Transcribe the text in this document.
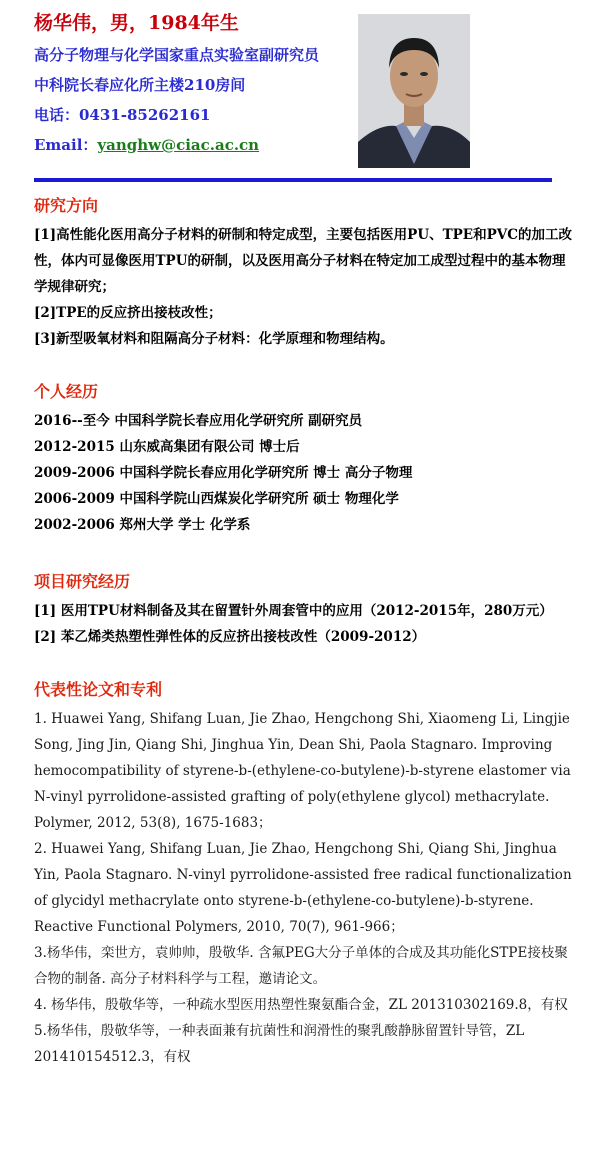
杨华伟，男，1984年生
高分子物理与化学国家重点实验室副研究员
中科院长春应化所主楼210房间
电话：0431-85262161
Email：yanghw@ciac.ac.cn
研究方向
[1]高性能化医用高分子材料的研制和特定成型，主要包括医用PU、TPE和PVC的加工改性，体内可显像医用TPU的研制，以及医用高分子材料在特定加工成型过程中的基本物理学规律研究；
[2]TPE的反应挤出接枝改性；
[3]新型吸氧材料和阻隔高分子材料：化学原理和物理结构。
个人经历
2016--至今 中国科学院长春应用化学研究所 副研究员
2012-2015 山东威高集团有限公司 博士后
2009-2006 中国科学院长春应用化学研究所 博士 高分子物理
2006-2009 中国科学院山西煤炭化学研究所 硕士 物理化学
2002-2006 郑州大学 学士 化学系
项目研究经历
[1] 医用TPU材料制备及其在留置针外周套管中的应用（2012-2015年，280万元）
[2] 苯乙烯类热塑性弹性体的反应挤出接枝改性（2009-2012）
代表性论文和专利
1. Huawei Yang, Shifang Luan, Jie Zhao, Hengchong Shi, Xiaomeng Li, Lingjie Song, Jing Jin, Qiang Shi, Jinghua Yin, Dean Shi, Paola Stagnaro. Improving hemocompatibility of styrene-b-(ethylene-co-butylene)-b-styrene elastomer via N-vinyl pyrrolidone-assisted grafting of poly(ethylene glycol) methacrylate. Polymer, 2012, 53(8), 1675-1683；
2. Huawei Yang, Shifang Luan, Jie Zhao, Hengchong Shi, Qiang Shi, Jinghua Yin, Paola Stagnaro. N-vinyl pyrrolidone-assisted free radical functionalization of glycidyl methacrylate onto styrene-b-(ethylene-co-butylene)-b-styrene. Reactive Functional Polymers, 2010, 70(7), 961-966；
3.杨华伟，栾世方，袁帅帅，殷敬华. 含氟PEG大分子单体的合成及其功能化STPE接枝聚合物的制备. 高分子材料科学与工程，邀请论文。
4. 杨华伟，殷敬华等，一种疏水型医用热塑性聚氨酯合金，ZL 201310302169.8，有权
5.杨华伟，殷敬华等，一种表面兼有抗菌性和润滑性的聚乳酸静脉留置针导管，ZL 201410154512.3，有权
